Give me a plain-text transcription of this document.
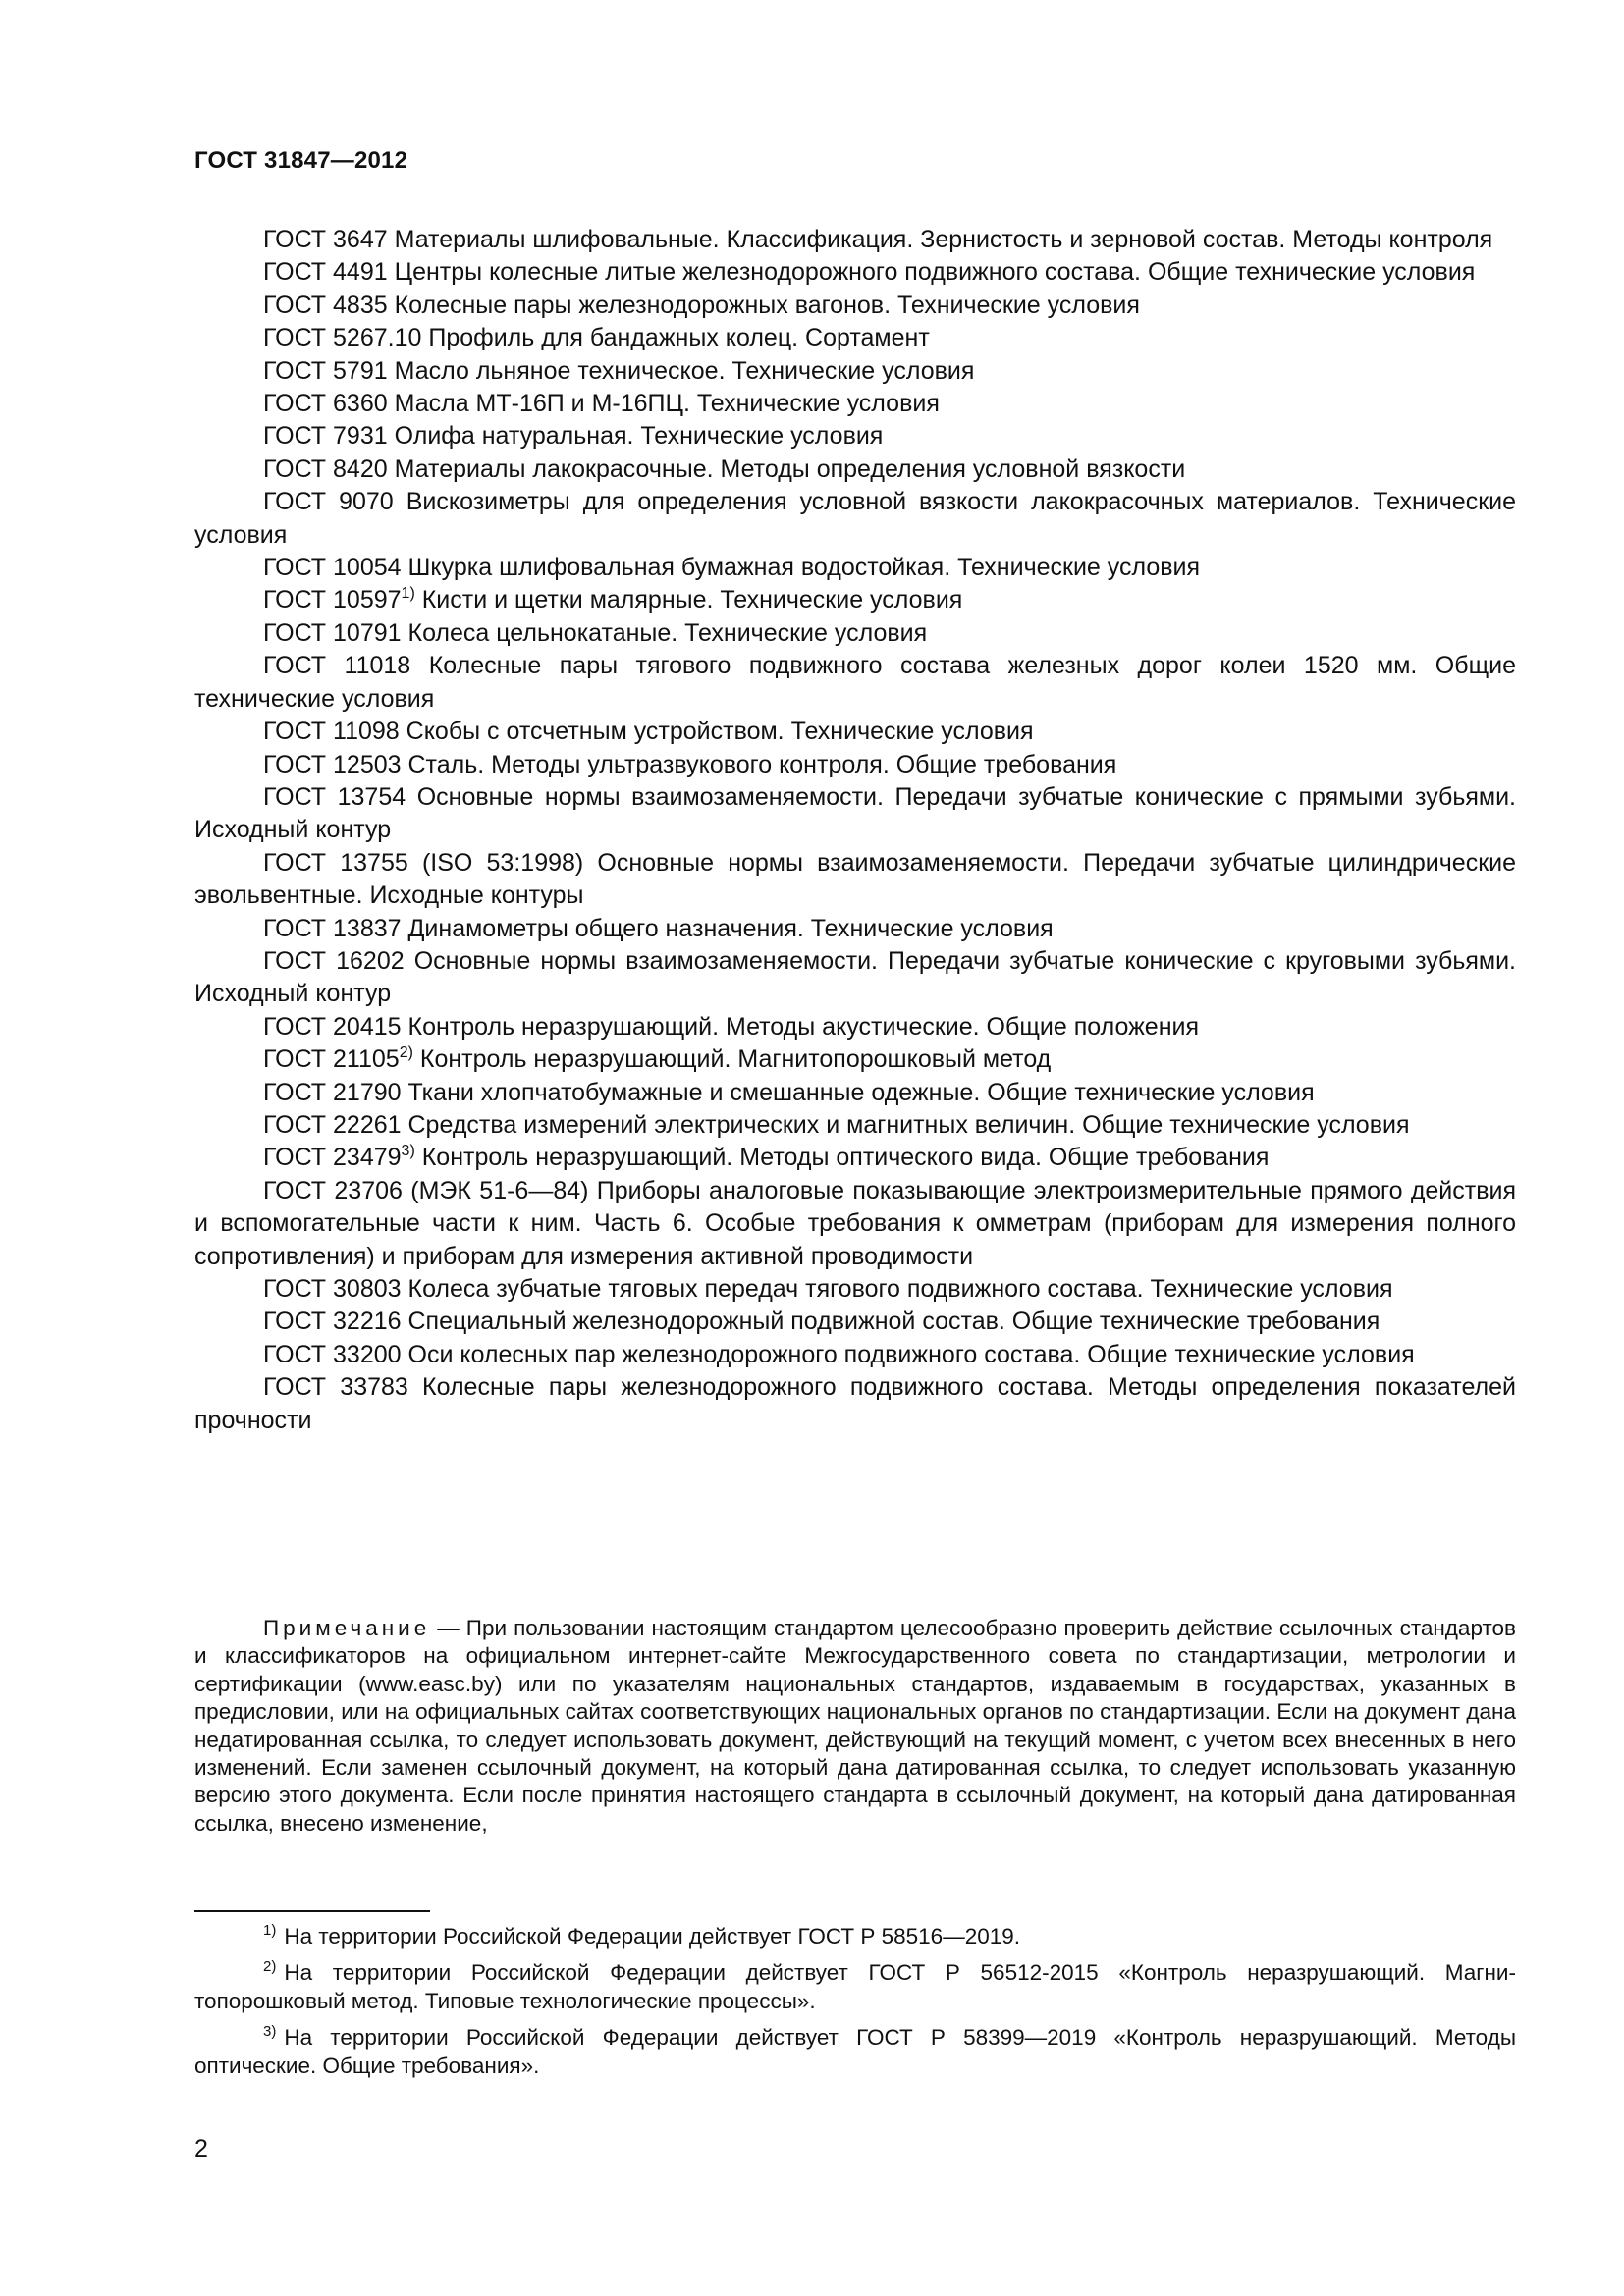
ГОСТ 31847—2012

ГОСТ 3647 Материалы шлифовальные. Классификация. Зернистость и зерновой состав. Методы контроля

ГОСТ 4491 Центры колесные литые железнодорожного подвижного состава. Общие технические условия

ГОСТ 4835 Колесные пары железнодорожных вагонов. Технические условия

ГОСТ 5267.10 Профиль для бандажных колец. Сортамент

ГОСТ 5791 Масло льняное техническое. Технические условия

ГОСТ 6360 Масла МТ-16П и М-16ПЦ. Технические условия

ГОСТ 7931 Олифа натуральная. Технические условия

ГОСТ 8420 Материалы лакокрасочные. Методы определения условной вязкости

ГОСТ 9070 Вискозиметры для определения условной вязкости лакокрасочных материалов. Технические условия

ГОСТ 10054 Шкурка шлифовальная бумажная водостойкая. Технические условия

ГОСТ 10597$^{1)}$ Кисти и щетки малярные. Технические условия

ГОСТ 10791 Колеса цельнокатаные. Технические условия

ГОСТ 11018 Колесные пары тягового подвижного состава железных дорог колеи 1520 мм. Общие технические условия

ГОСТ 11098 Скобы с отсчетным устройством. Технические условия

ГОСТ 12503 Сталь. Методы ультразвукового контроля. Общие требования

ГОСТ 13754 Основные нормы взаимозаменяемости. Передачи зубчатые конические с прямыми зубьями. Исходный контур

ГОСТ 13755 (ISO 53:1998) Основные нормы взаимозаменяемости. Передачи зубчатые цилиндрические эвольвентные. Исходные контуры

ГОСТ 13837 Динамометры общего назначения. Технические условия

ГОСТ 16202 Основные нормы взаимозаменяемости. Передачи зубчатые конические с круговыми зубьями. Исходный контур

ГОСТ 20415 Контроль неразрушающий. Методы акустические. Общие положения

ГОСТ 21105$^{2)}$ Контроль неразрушающий. Магнитопорошковый метод

ГОСТ 21790 Ткани хлопчатобумажные и смешанные одежные. Общие технические условия

ГОСТ 22261 Средства измерений электрических и магнитных величин. Общие технические условия

ГОСТ 23479$^{3)}$ Контроль неразрушающий. Методы оптического вида. Общие требования

ГОСТ 23706 (МЭК 51-6—84) Приборы аналоговые показывающие электроизмерительные прямого действия и вспомогательные части к ним. Часть 6. Особые требования к омметрам (приборам для измерения полного сопротивления) и приборам для измерения активной проводимости

ГОСТ 30803 Колеса зубчатые тяговых передач тягового подвижного состава. Технические условия

ГОСТ 32216 Специальный железнодорожный подвижной состав. Общие технические требования

ГОСТ 33200 Оси колесных пар железнодорожного подвижного состава. Общие технические условия

ГОСТ 33783 Колесные пары железнодорожного подвижного состава. Методы определения показателей прочности

Примечание — При пользовании настоящим стандартом целесообразно проверить действие ссылочных стандартов и классификаторов на официальном интернет-сайте Межгосударственного совета по стандартизации, метрологии и сертификации (www.easc.by) или по указателям национальных стандартов, издаваемым в государствах, указанных в предисловии, или на официальных сайтах соответствующих национальных органов по стандартизации. Если на документ дана недатированная ссылка, то следует использовать документ, действующий на текущий момент, с учетом всех внесенных в него изменений. Если заменен ссылочный документ, на который дана датированная ссылка, то следует использовать указанную версию этого документа. Если после принятия настоящего стандарта в ссылочный документ, на который дана датированная ссылка, внесено изменение,

$^{1)}$ На территории Российской Федерации действует ГОСТ Р 58516—2019.

$^{2)}$ На территории Российской Федерации действует ГОСТ Р 56512-2015 «Контроль неразрушающий. Магнитопорошковый метод. Типовые технологические процессы».

$^{3)}$ На территории Российской Федерации действует ГОСТ Р 58399—2019 «Контроль неразрушающий. Методы оптические. Общие требования».

2
